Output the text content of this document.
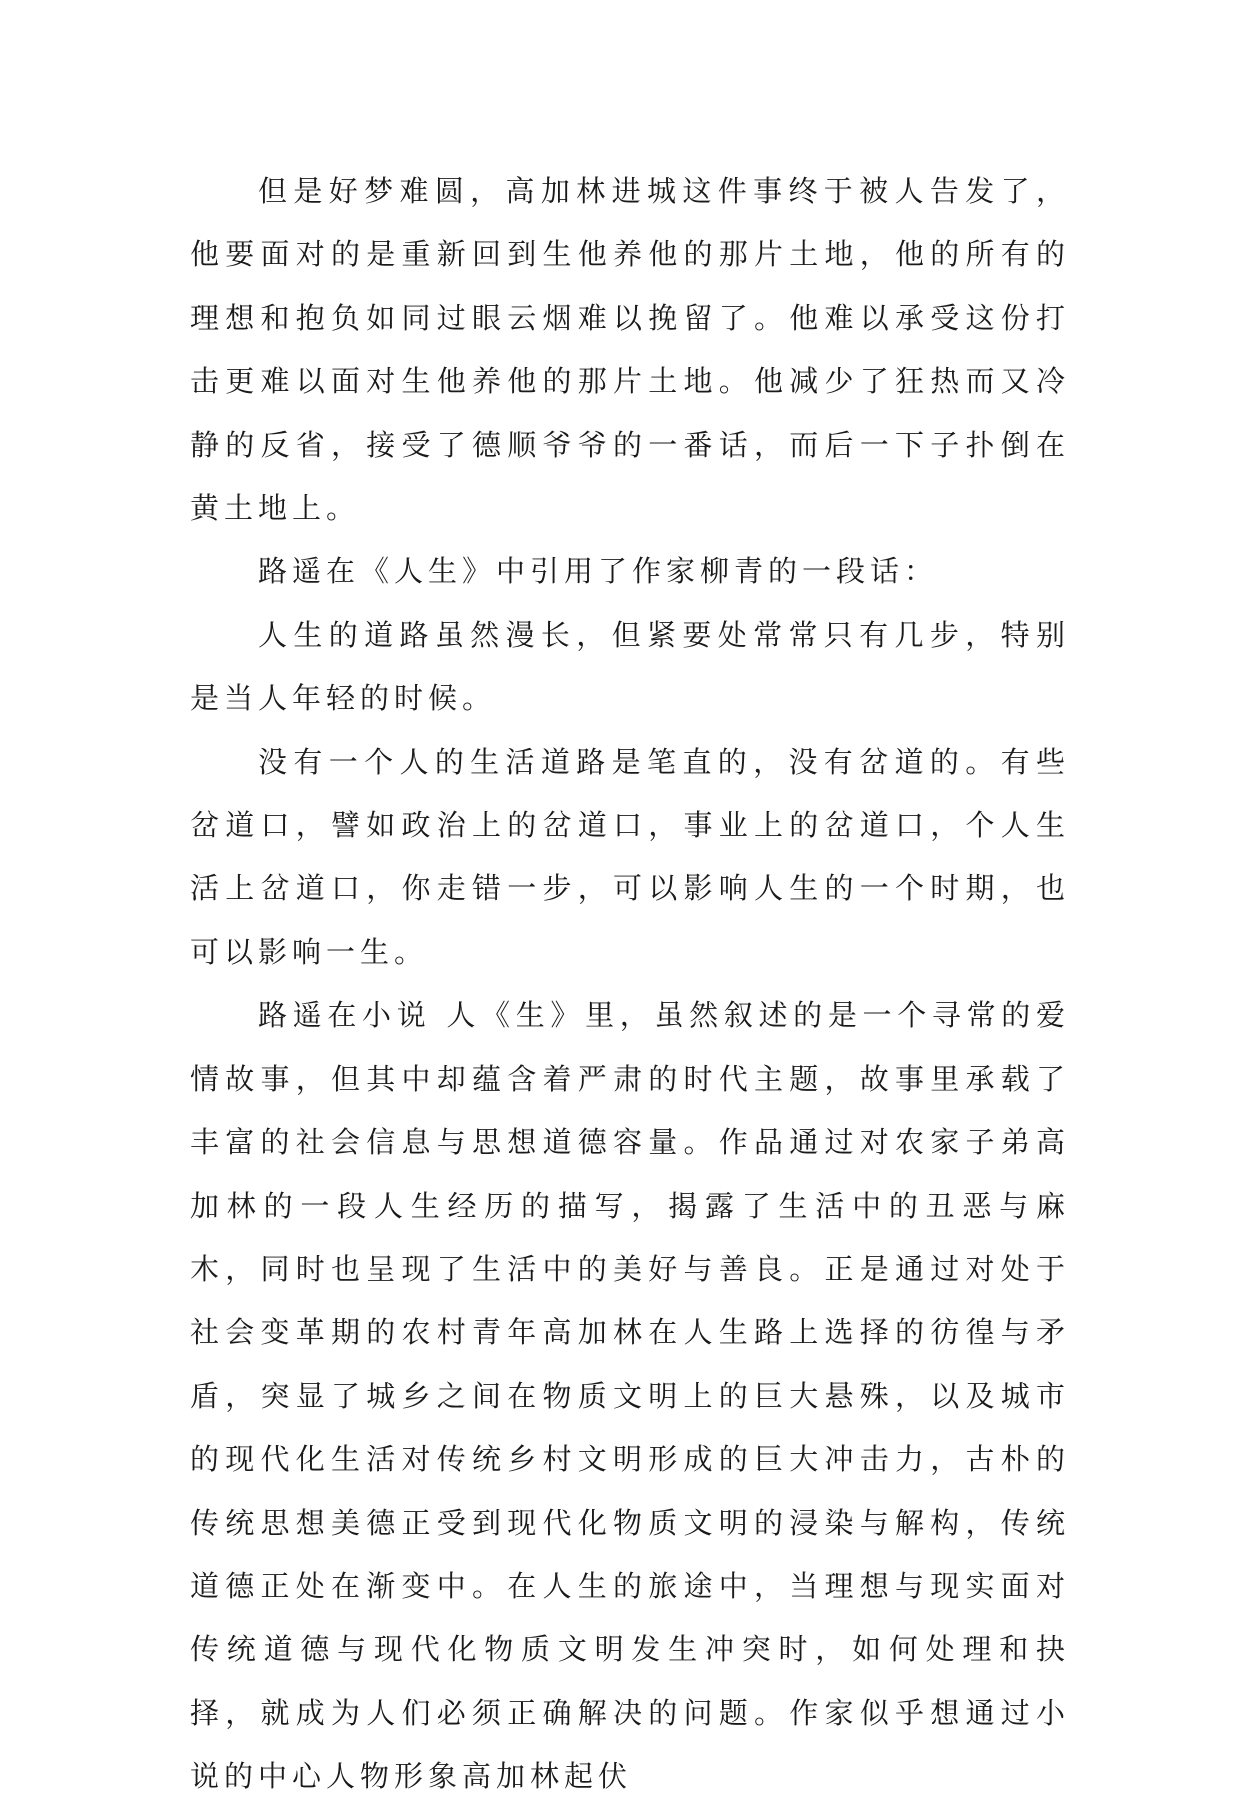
但是好梦难圆，高加林进城这件事终于被人告发了，他要面对的是重新回到生他养他的那片土地，他的所有的理想和抱负如同过眼云烟难以挽留了。他难以承受这份打击更难以面对生他养他的那片土地。他减少了狂热而又冷静的反省，接受了德顺爷爷的一番话，而后一下子扑倒在黄土地上。

路遥在《人生》中引用了作家柳青的一段话：

人生的道路虽然漫长，但紧要处常常只有几步，特别是当人年轻的时候。

没有一个人的生活道路是笔直的，没有岔道的。有些岔道口，譬如政治上的岔道口，事业上的岔道口，个人生活上岔道口，你走错一步，可以影响人生的一个时期，也可以影响一生。

路遥在小说 人《生》里，虽然叙述的是一个寻常的爱情故事，但其中却蕴含着严肃的时代主题，故事里承载了丰富的社会信息与思想道德容量。作品通过对农家子弟高加林的一段人生经历的描写，揭露了生活中的丑恶与麻木，同时也呈现了生活中的美好与善良。正是通过对处于社会变革期的农村青年高加林在人生路上选择的彷徨与矛盾，突显了城乡之间在物质文明上的巨大悬殊，以及城市的现代化生活对传统乡村文明形成的巨大冲击力，古朴的传统思想美德正受到现代化物质文明的浸染与解构，传统道德正处在渐变中。在人生的旅途中，当理想与现实面对传统道德与现代化物质文明发生冲突时，如何处理和抉择，就成为人们必须正确解决的问题。作家似乎想通过小说的中心人物形象高加林起伏
